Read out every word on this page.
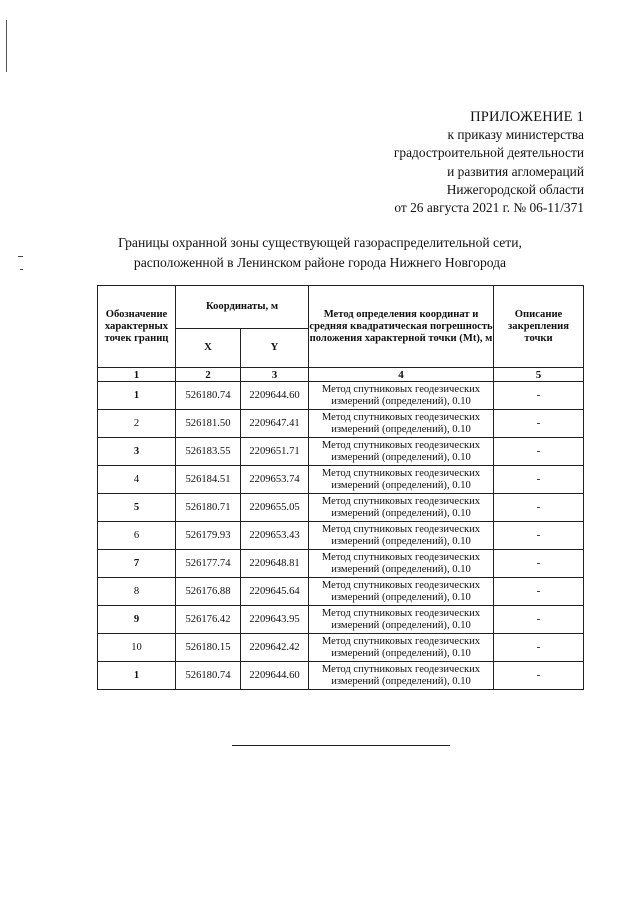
ПРИЛОЖЕНИЕ 1
к приказу министерства
градостроительной деятельности
и развития агломераций
Нижегородской области
от 26 августа 2021 г. № 06-11/371
Границы охранной зоны существующей газораспределительной сети,
расположенной в Ленинском районе города Нижнего Новгорода
Обозначение характерных точек границ	Координаты, м		Метод определения координат и средняя квадратическая погрешность положения характерной точки (Mt), м	Описание закрепления точки
	X	Y		
1	2	3	4	5
1	526180.74	2209644.60	Метод спутниковых геодезических
измерений (определений), 0.10	-
2	526181.50	2209647.41	Метод спутниковых геодезических
измерений (определений), 0.10	-
3	526183.55	2209651.71	Метод спутниковых геодезических
измерений (определений), 0.10	-
4	526184.51	2209653.74	Метод спутниковых геодезических
измерений (определений), 0.10	-
5	526180.71	2209655.05	Метод спутниковых геодезических
измерений (определений), 0.10	-
6	526179.93	2209653.43	Метод спутниковых геодезических
измерений (определений), 0.10	-
7	526177.74	2209648.81	Метод спутниковых геодезических
измерений (определений), 0.10	-
8	526176.88	2209645.64	Метод спутниковых геодезических
измерений (определений), 0.10	-
9	526176.42	2209643.95	Метод спутниковых геодезических
измерений (определений), 0.10	-
10	526180.15	2209642.42	Метод спутниковых геодезических
измерений (определений), 0.10	-
1	526180.74	2209644.60	Метод спутниковых геодезических
измерений (определений), 0.10	-
